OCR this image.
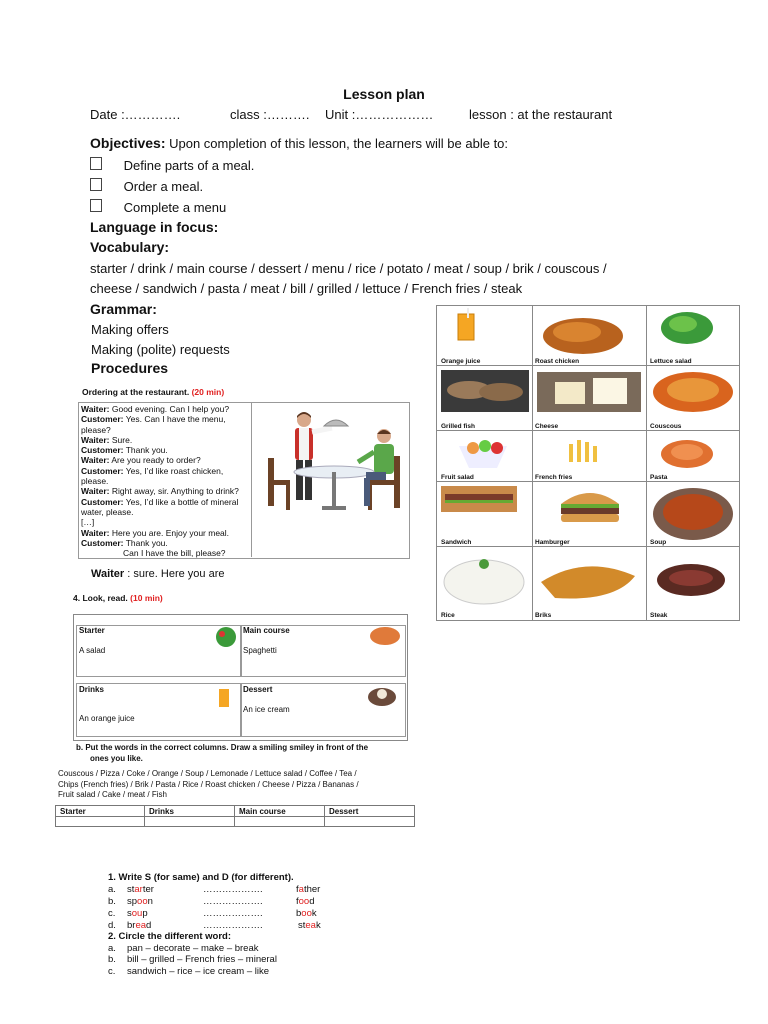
Lesson plan
Date :………….	class :………. Unit :………………	lesson : at the restaurant
Objectives: Upon completion of this lesson, the learners will be able to:
Define parts of a meal.
Order a meal.
Complete a menu
Language in focus:
Vocabulary:
starter / drink / main course / dessert / menu / rice / potato / meat / soup / brik / couscous /
cheese / sandwich / pasta / meat / bill / grilled / lettuce / French fries / steak
Grammar:
Making offers
Making (polite) requests
Procedures
Ordering at the restaurant. (20 min)
Waiter: Good evening. Can I help you?
Customer: Yes. Can I have the menu,
please?
Waiter: Sure.
Customer: Thank you.
Waiter: Are you ready to order?
Customer: Yes, I’d like roast chicken,
please.
Waiter: Right away, sir. Anything to drink?
Customer: Yes, I’d like a bottle of mineral
water, please.
[…]
Waiter: Here you are. Enjoy your meal.
Customer: Thank you.
Can I have the bill, please?
Waiter : sure. Here you are
Orange juice	Roast chicken	Lettuce salad
Grilled fish	Cheese	Couscous
Fruit salad	French fries	Pasta
Sandwich	Hamburger	Soup
Rice	Briks	Steak
4. Look, read. (10 min)
Starter
A salad
Main course
Spaghetti
Drinks
An orange juice
Dessert
An ice cream
b. Put the words in the correct columns. Draw a smiling smiley in front of the
ones you like.
Couscous / Pizza / Coke / Orange / Soup / Lemonade / Lettuce salad / Coffee / Tea /
Chips (French fries) / Brik / Pasta / Rice / Roast chicken / Cheese / Pizza / Bananas /
Fruit salad / Cake / meat / Fish
Starter	Drinks	Main course	Dessert
1. Write S (for same) and D (for different).
a. starter	……………….	father
b. spoon	……………….	food
c. soup	……………….	book
d. bread	……………….	steak
2. Circle the different word:
a. pan – decorate – make – break
b. bill – grilled – French fries – mineral
c. sandwich – rice – ice cream – like
